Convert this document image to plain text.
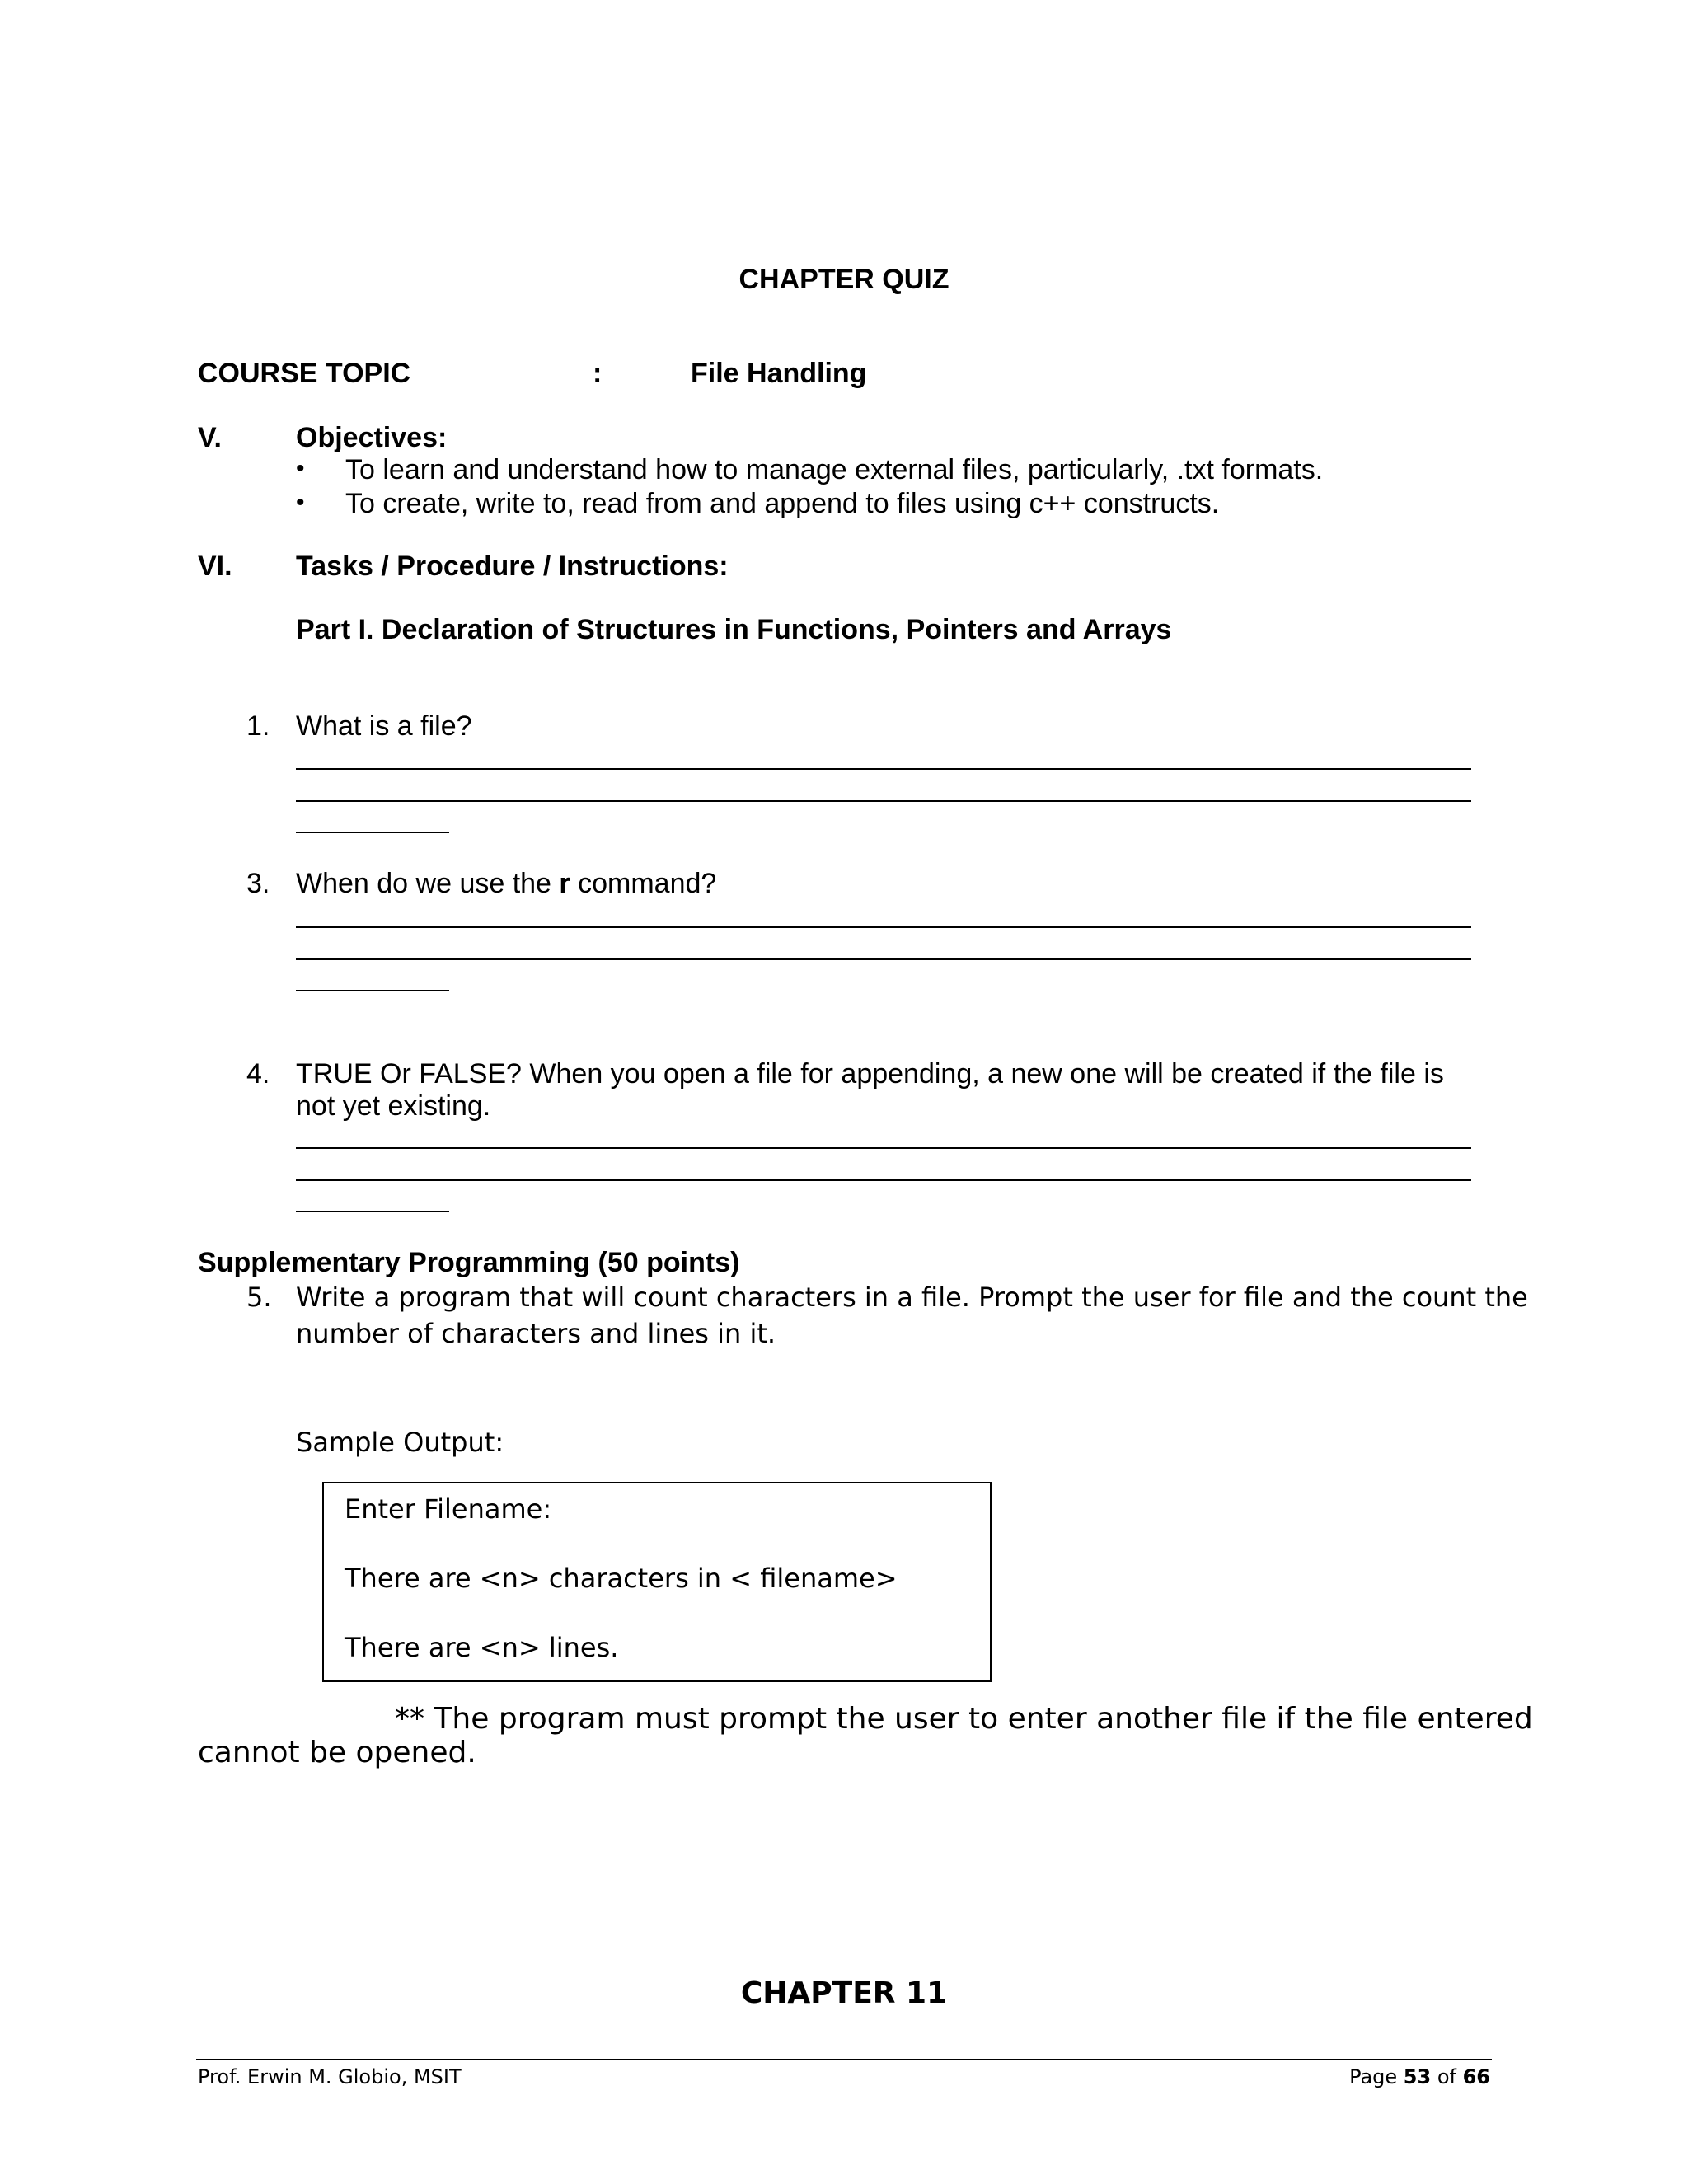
CHAPTER QUIZ
COURSE TOPIC	:	File Handling
V.	Objectives:
• To learn and understand how to manage external files, particularly, .txt formats.
• To create, write to, read from and append to files using c++ constructs.
VI. Tasks / Procedure / Instructions:
Part I. Declaration of Structures in Functions, Pointers and Arrays
1. What is a file?
3. When do we use the r command?
4. TRUE Or FALSE? When you open a file for appending, a new one will be created if the file is
not yet existing.
Supplementary Programming (50 points)
5. Write a program that will count characters in a file. Prompt the user for file and the count the
number of characters and lines in it.
Sample Output:
Enter Filename:
There are <n> characters in < filename>
There are <n> lines.
** The program must prompt the user to enter another file if the file entered
cannot be opened.
CHAPTER 11
Prof. Erwin M. Globio, MSIT	Page 53 of 66
